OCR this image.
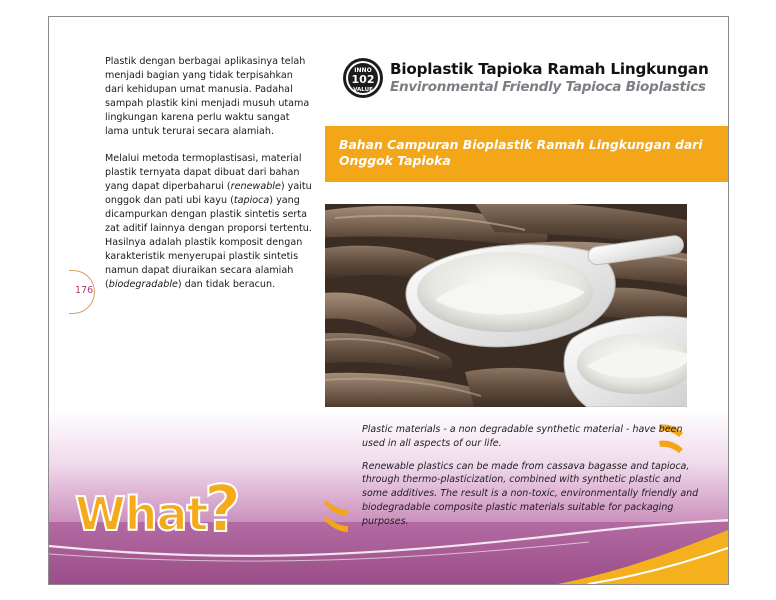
Plastik dengan berbagai aplikasinya telah menjadi bagian yang tidak terpisahkan dari kehidupan umat manusia. Padahal sampah plastik kini menjadi musuh utama lingkungan karena perlu waktu sangat lama untuk terurai secara alamiah.

Melalui metoda termoplastisasi, material plastik ternyata dapat dibuat dari bahan yang dapat diperbaharui (renewable) yaitu onggok dan pati ubi kayu (tapioca) yang dicampurkan dengan plastik sintetis serta zat aditif lainnya dengan proporsi tertentu. Hasilnya adalah plastik komposit dengan karakteristik menyerupai plastik sintetis namun dapat diuraikan secara alamiah (biodegradable) dan tidak beracun.

176
INNO
102
VALUE
Bioplastik Tapioka Ramah Lingkungan
Environmental Friendly Tapioca Bioplastics
Bahan Campuran Bioplastik Ramah Lingkungan dari Onggok Tapioka

Plastic materials - a non degradable synthetic material - have been used in all aspects of our life.

Renewable plastics can be made from cassava bagasse and tapioca, through thermo-plasticization, combined with synthetic plastic and some additives. The result is a non-toxic, environmentally friendly and biodegradable composite plastic materials suitable for packaging purposes.

What
?
